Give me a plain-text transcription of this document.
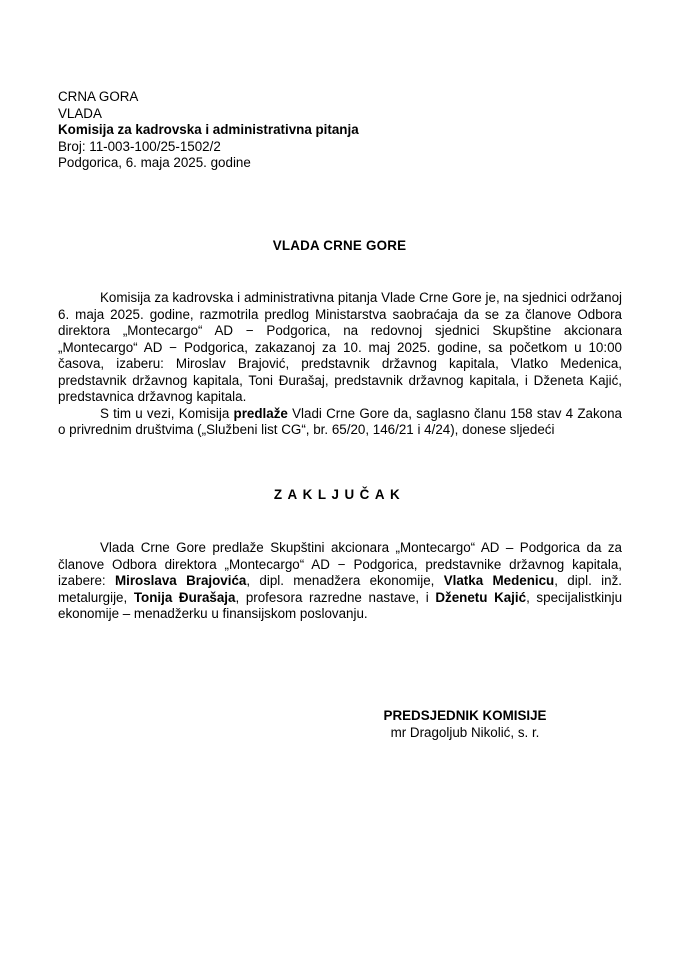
CRNA GORA
VLADA
Komisija za kadrovska i administrativna pitanja
Broj: 11-003-100/25-1502/2
Podgorica, 6. maja 2025. godine
VLADA CRNE GORE

Komisija za kadrovska i administrativna pitanja Vlade Crne Gore je, na sjednici održanoj 6. maja 2025. godine, razmotrila predlog Ministarstva saobraćaja da se za članove Odbora direktora „Montecargo“ AD − Podgorica, na redovnoj sjednici Skupštine akcionara „Montecargo“ AD − Podgorica, zakazanoj za 10. maj 2025. godine, sa početkom u 10:00 časova, izaberu: Miroslav Brajović, predstavnik državnog kapitala, Vlatko Medenica, predstavnik državnog kapitala, Toni Đurašaj, predstavnik državnog kapitala, i Dženeta Kajić, predstavnica državnog kapitala.

S tim u vezi, Komisija predlaže Vladi Crne Gore da, saglasno članu 158 stav 4 Zakona o privrednim društvima („Službeni list CG“, br. 65/20, 146/21 i 4/24), donese sljedeći

ZAKLJUČAK

Vlada Crne Gore predlaže Skupštini akcionara „Montecargo“ AD – Podgorica da za članove Odbora direktora „Montecargo“ AD − Podgorica, predstavnike državnog kapitala, izabere: Miroslava Brajovića, dipl. menadžera ekonomije, Vlatka Medenicu, dipl. inž. metalurgije, Tonija Đurašaja, profesora razredne nastave, i Dženetu Kajić, specijalistkinju ekonomije – menadžerku u finansijskom poslovanju.

PREDSJEDNIK KOMISIJE
mr Dragoljub Nikolić, s. r.
